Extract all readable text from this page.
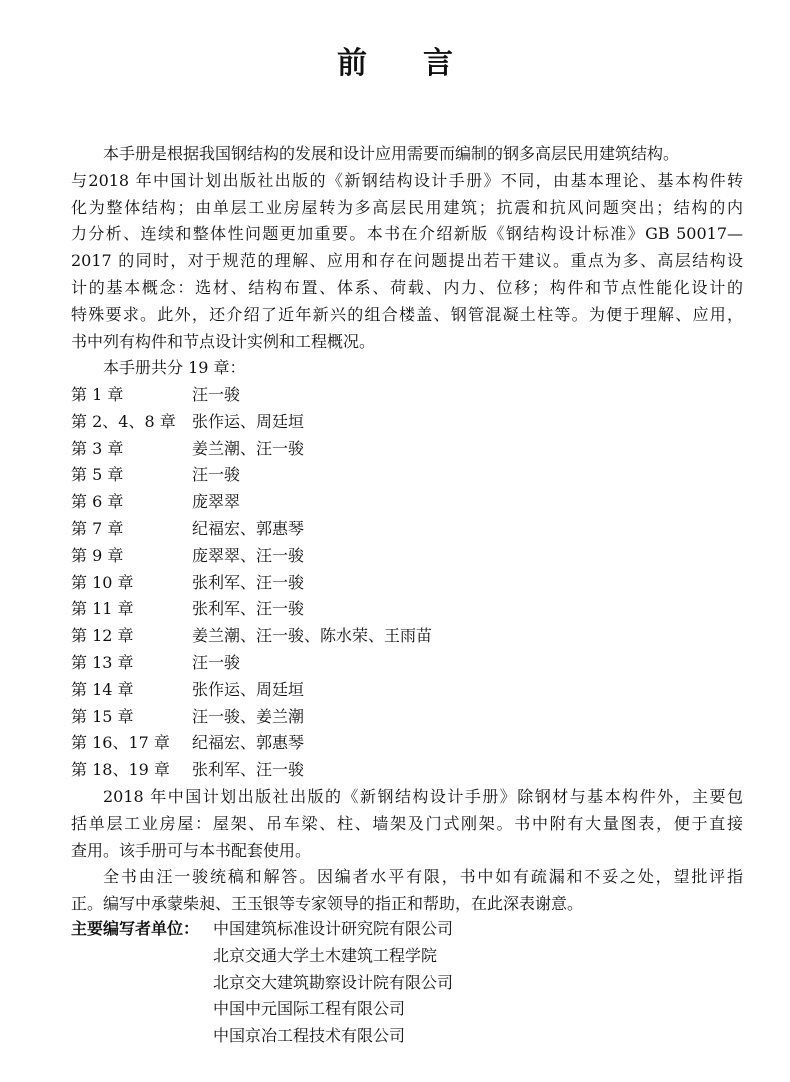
前 言
本手册是根据我国钢结构的发展和设计应用需要而编制的钢多高层民用建筑结构。
与2018 年中国计划出版社出版的《新钢结构设计手册》不同，由基本理论、基本构件转
化为整体结构；由单层工业房屋转为多高层民用建筑；抗震和抗风问题突出；结构的内
力分析、连续和整体性问题更加重要。本书在介绍新版《钢结构设计标准》GB 50017—
2017 的同时，对于规范的理解、应用和存在问题提出若干建议。重点为多、高层结构设
计的基本概念：选材、结构布置、体系、荷载、内力、位移；构件和节点性能化设计的
特殊要求。此外，还介绍了近年新兴的组合楼盖、钢管混凝土柱等。为便于理解、应用，
书中列有构件和节点设计实例和工程概况。
本手册共分 19 章：
第 1 章	汪一骏
第 2、4、8 章 张作运、周廷垣
第 3 章	姜兰潮、汪一骏
第 5 章	汪一骏
第 6 章	庞翠翠
第 7 章	纪福宏、郭惠琴
第 9 章	庞翠翠、汪一骏
第 10 章	张利军、汪一骏
第 11 章	张利军、汪一骏
第 12 章	姜兰潮、汪一骏、陈水荣、王雨苗
第 13 章	汪一骏
第 14 章	张作运、周廷垣
第 15 章	汪一骏、姜兰潮
第 16、17 章 纪福宏、郭惠琴
第 18、19 章 张利军、汪一骏
2018 年中国计划出版社出版的《新钢结构设计手册》除钢材与基本构件外，主要包
括单层工业房屋：屋架、吊车梁、柱、墙架及门式刚架。书中附有大量图表，便于直接
查用。该手册可与本书配套使用。
全书由汪一骏统稿和解答。因编者水平有限，书中如有疏漏和不妥之处，望批评指
正。编写中承蒙柴昶、王玉银等专家领导的指正和帮助，在此深表谢意。
主要编写者单位： 中国建筑标准设计研究院有限公司
北京交通大学土木建筑工程学院
北京交大建筑勘察设计院有限公司
中国中元国际工程有限公司
中国京冶工程技术有限公司
